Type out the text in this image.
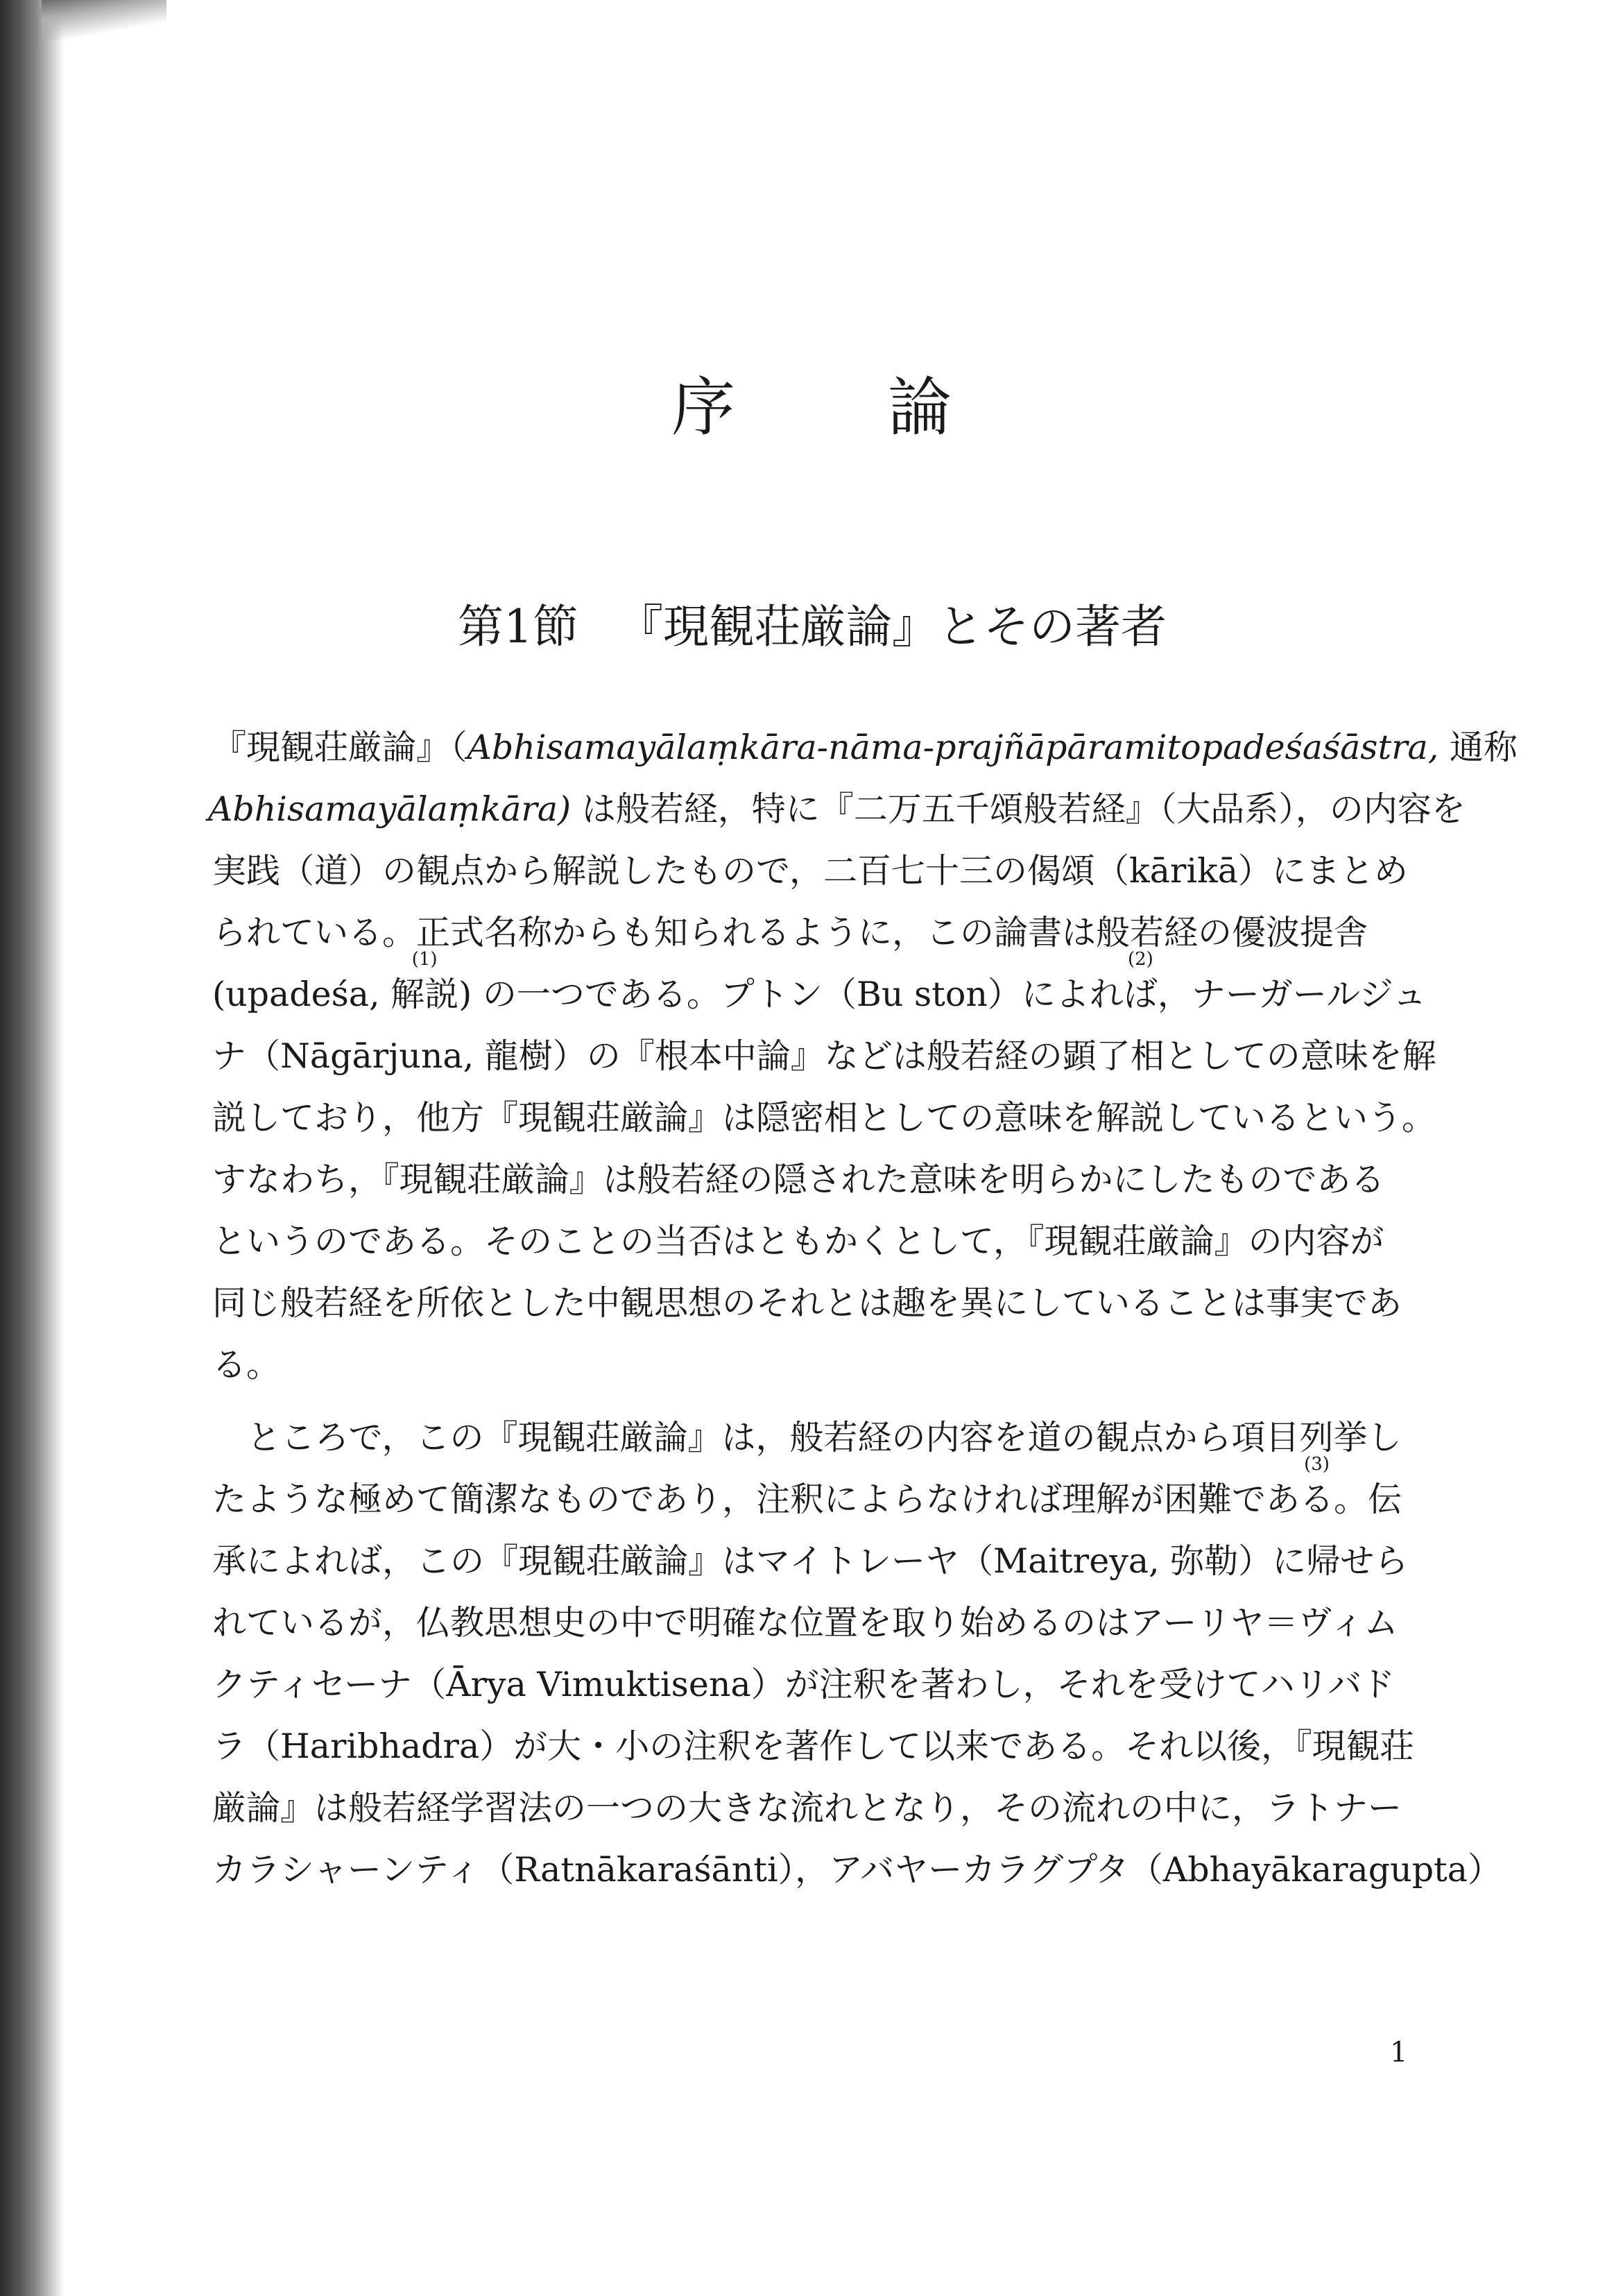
序論
第1節 『現観荘厳論』とその著者
『現観荘厳論』（Abhisamayālaṃkāra-nāma-prajñāpāramitopadeśaśāstra, 通称
Abhisamayālaṃkāra) は般若経，特に『二万五千頌般若経』（大品系），の内容を
実践（道）の観点から解説したもので，二百七十三の偈頌（kārikā）にまとめ
られている。正式名称からも知られるように，この論書は般若経の優波提舎
(upadeśa,
(1)
解説) の一つである。プトン（Bu ston）によれ
(2)
ば，ナーガールジュ
ナ（Nāgārjuna, 龍樹）の『根本中論』などは般若経の顕了相としての意味を解
説しており，他方『現観荘厳論』は隠密相としての意味を解説しているという。
すなわち，『現観荘厳論』は般若経の隠された意味を明らかにしたものである
というのである。そのことの当否はともかくとして，『現観荘厳論』の内容が
同じ般若経を所依とした中観思想のそれとは趣を異にしていることは事実であ
る。
ところで，この『現観荘厳論』は，般若経の内容を道の観点から項目列挙し
たような極めて簡潔なものであり，注釈によらなければ理解が困難であ
(3)
る。伝
承によれば，この『現観荘厳論』はマイトレーヤ（Maitreya, 弥勒）に帰せら
れているが，仏教思想史の中で明確な位置を取り始めるのはアーリヤ＝ヴィム
クティセーナ（Ārya Vimuktisena）が注釈を著わし，それを受けてハリバド
ラ（Haribhadra）が大・小の注釈を著作して以来である。それ以後，『現観荘
厳論』は般若経学習法の一つの大きな流れとなり，その流れの中に，ラトナー
カラシャーンティ（Ratnākaraśānti），アバヤーカラグプタ（Abhayākaragupta）
1
